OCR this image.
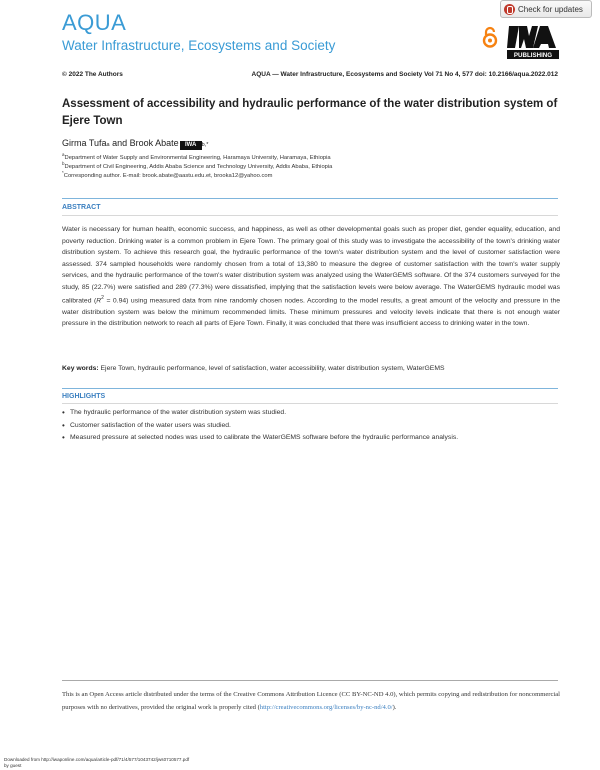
AQUA
Water Infrastructure, Ecosystems and Society
Check for updates
PUBLISHING
© 2022 The Authors	AQUA — Water Infrastructure, Ecosystems and Society Vol 71 No 4, 577 doi: 10.2166/aqua.2022.012
Assessment of accessibility and hydraulic performance of the water distribution system of Ejere Town
Girma Tufa$_a$ and Brook Abate	IWA b,*
$^a$Department of Water Supply and Environmental Engineering, Haramaya University, Haramaya, Ethiopia
$^b$Department of Civil Engineering, Addis Ababa Science and Technology University, Addis Ababa, Ethiopia
*Corresponding author. E-mail: brook.abate@aastu.edu.et, brooka12@yahoo.com
ABSTRACT

Water is necessary for human health, economic success, and happiness, as well as other developmental goals such as proper diet, gender equality, education, and poverty reduction. Drinking water is a common problem in Ejere Town. The primary goal of this study was to investigate the accessibility of the town's drinking water distribution system. To achieve this research goal, the hydraulic performance of the town's water distribution system and the level of customer satisfaction were assessed. 374 sampled households were randomly chosen from a total of 13,380 to measure the degree of customer satisfaction with the town's water supply services, and the hydraulic performance of the town's water distribution system was analyzed using the WaterGEMS software. Of the 374 customers surveyed for the study, 85 (22.7%) were satisfied and 289 (77.3%) were dissatisfied, implying that the satisfaction levels were below average. The WaterGEMS hydraulic model was calibrated $(R^2 = 0.94)$ using measured data from nine randomly chosen nodes. According to the model results, a great amount of the velocity and pressure in the water distribution system was below the minimum recommended limits. These minimum pressures and velocity levels indicate that there is not enough water pressure in the distribution network to reach all parts of Ejere Town. Finally, it was concluded that there was insufficient access to drinking water in the town.

Key words: Ejere Town, hydraulic performance, level of satisfaction, water accessibility, water distribution system, WaterGEMS
HIGHLIGHTS
• The hydraulic performance of the water distribution system was studied.
• Customer satisfaction of the water users was studied.
• Measured pressure at selected nodes was used to calibrate the WaterGEMS software before the hydraulic performance analysis.

This is an Open Access article distributed under the terms of the Creative Commons Attribution Licence (CC BY-NC-ND 4.0), which permits copying and redistribution for noncommercial purposes with no derivatives, provided the original work is properly cited (http://creativecommons.org/licenses/by-nc-nd/4.0/).

Downloaded from http://iwaponline.com/aqua/article-pdf/71/4/577/1043742/jws0710577.pdf
by guest
